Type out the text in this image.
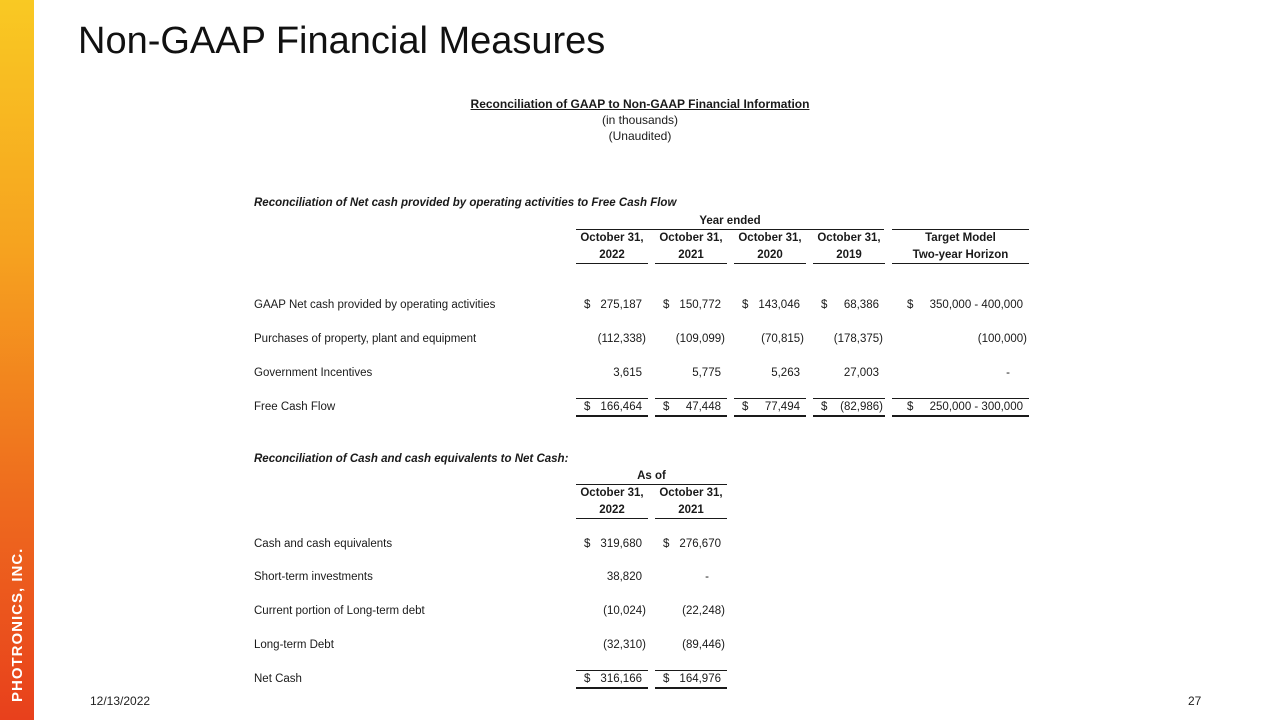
PHOTRONICS, INC.
Non-GAAP Financial Measures
Reconciliation of GAAP to Non-GAAP Financial Information
(in thousands)
(Unaudited)
Reconciliation of Net cash provided by operating activities to Free Cash Flow
Year ended
October 31,
2022
October 31,
2021
October 31,
2020
October 31,
2019
Target Model
Two-year Horizon
GAAP Net cash provided by operating activities	$ 275,187 $ 150,772 $ 143,046 $	68,386 $	350,000 - 400,000
Purchases of property, plant and equipment	(112,338)	(109,099)	(70,815)	(178,375)	(100,000)
Government Incentives	3,615	5,775	5,263	27,003	-
Free Cash Flow	$ 166,464 $	47,448 $	77,494 $	(82,986) $	250,000 - 300,000
Reconciliation of Cash and cash equivalents to Net Cash:
As of
October 31,
2022
October 31,
2021
Cash and cash equivalents	$ 319,680 $ 276,670
Short-term investments	38,820	-
Current portion of Long-term debt	(10,024)	(22,248)
Long-term Debt	(32,310)	(89,446)
Net Cash	$ 316,166 $ 164,976
12/13/2022	27
